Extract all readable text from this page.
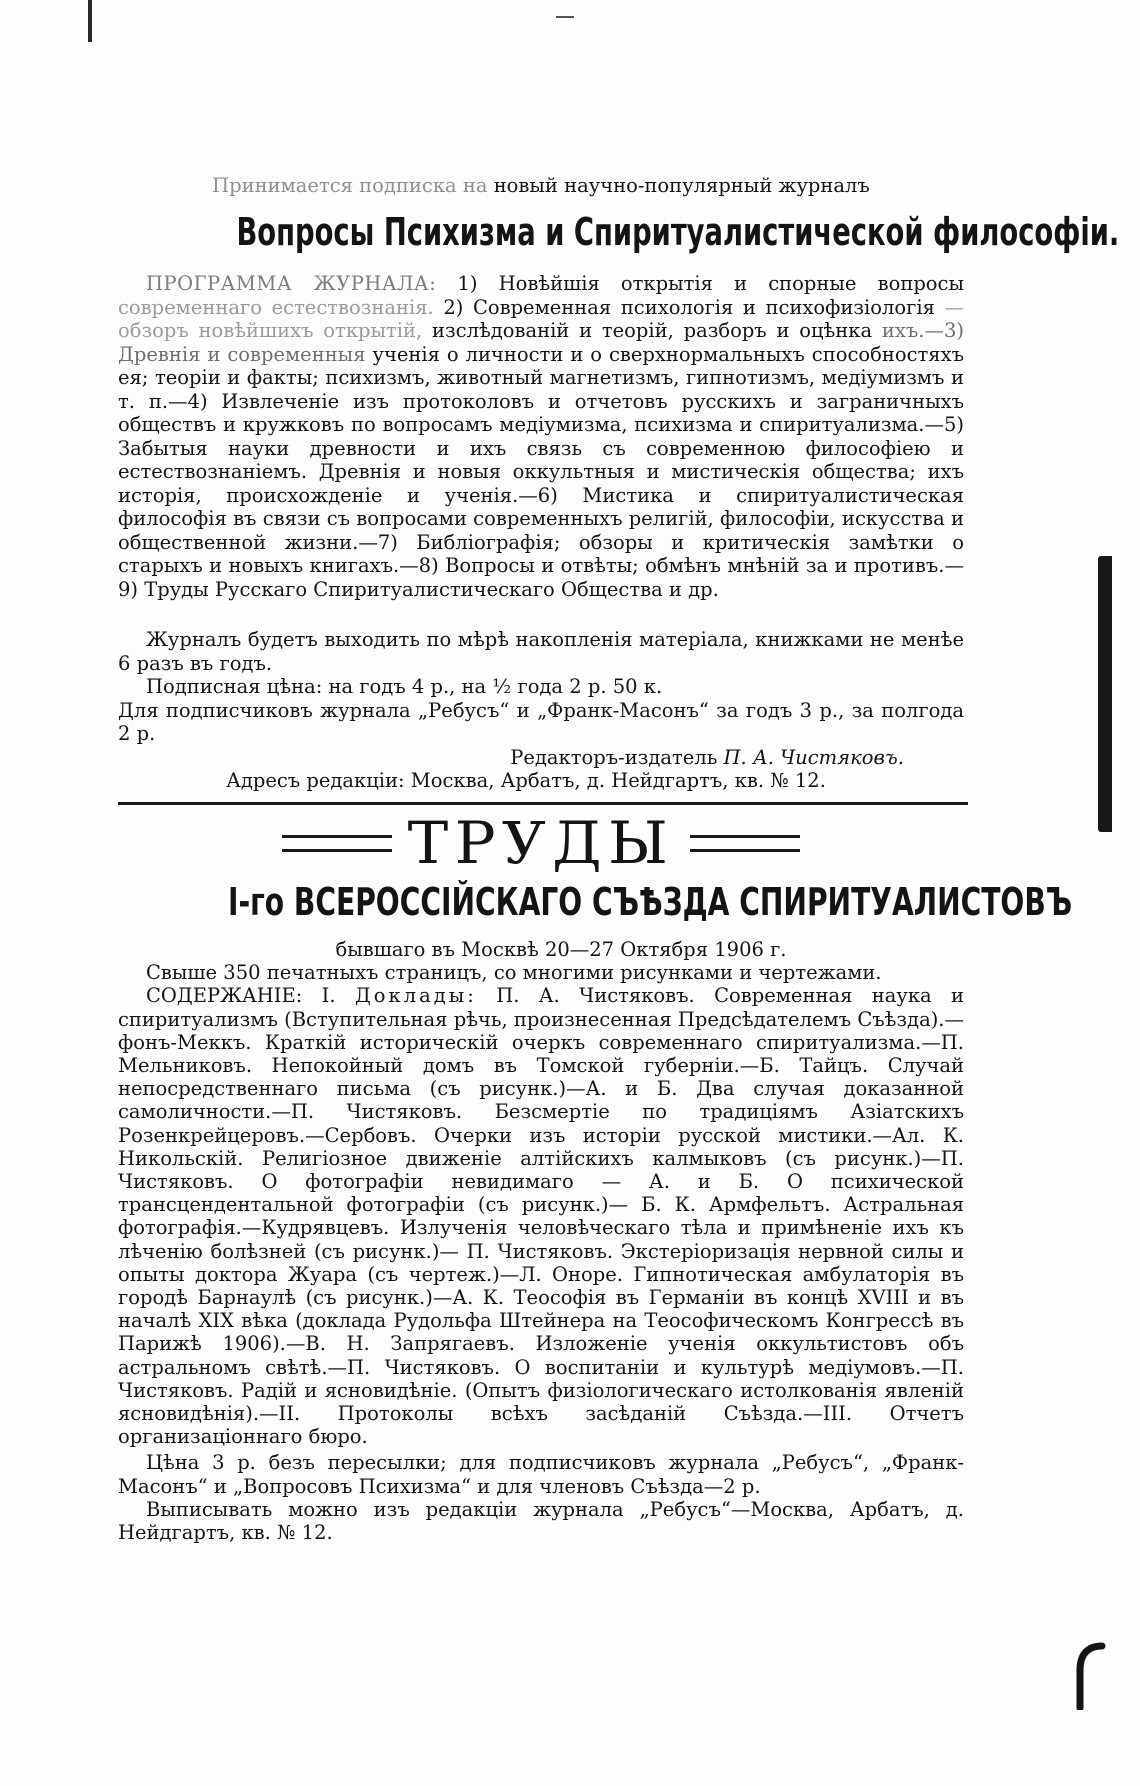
Принимается подписка на новый научно-популярный журналъ

Вопросы Психизма и Спиритуалистической философіи.

ПРОГРАММА ЖУРНАЛА: 1) Новѣйшія открытія и спорные вопросы современнаго естествознанія. 2) Современная психологія и психофизіологія —обзоръ новѣйшихъ открытій, изслѣдованій и теорій, разборъ и оцѣнка ихъ.—3) Древнія и современныя ученія о личности и о сверхнормальныхъ способностяхъ ея; теоріи и факты; психизмъ, животный магнетизмъ, гипнотизмъ, медіумизмъ и т. п.—4) Извлеченіе изъ протоколовъ и отчетовъ русскихъ и заграничныхъ обществъ и кружковъ по вопросамъ медіумизма, психизма и спиритуализма.—5) Забытыя науки древности и ихъ связь съ современною философіею и естествознаніемъ. Древнія и новыя оккультныя и мистическія общества; ихъ исторія, происхожденіе и ученія.—6) Мистика и спиритуалистическая философія въ связи съ вопросами современныхъ религій, философіи, искусства и общественной жизни.—7) Библіографія; обзоры и критическія замѣтки о старыхъ и новыхъ книгахъ.—8) Вопросы и отвѣты; обмѣнъ мнѣній за и противъ.—9) Труды Русскаго Спиритуалистическаго Общества и др.

Журналъ будетъ выходить по мѣрѣ накопленія матеріала, книжками не менѣе 6 разъ въ годъ.

Подписная цѣна: на годъ 4 р., на ½ года 2 р. 50 к.

Для подписчиковъ журнала „Ребусъ“ и „Франк-Масонъ“ за годъ 3 р., за полгода 2 р.

Редакторъ-издатель П. А. Чистяковъ.

Адресъ редакціи: Москва, Арбатъ, д. Нейдгартъ, кв. № 12.

ТРУДЫ

I-го ВСЕРОССІЙСКАГО СЪѢЗДА СПИРИТУАЛИСТОВЪ

бывшаго въ Москвѣ 20—27 Октября 1906 г.

Свыше 350 печатныхъ страницъ, со многими рисунками и чертежами.

СОДЕРЖАНІЕ: I. Доклады: П. А. Чистяковъ. Современная наука и спиритуализмъ (Вступительная рѣчь, произнесенная Предсѣдателемъ Съѣзда).—фонъ-Меккъ. Краткій историческій очеркъ современнаго спиритуализма.—П. Мельниковъ. Непокойный домъ въ Томской губерніи.—Б. Тайцъ. Случай непосредственнаго письма (съ рисунк.)—А. и Б. Два случая доказанной самоличности.—П. Чистяковъ. Безсмертіе по традиціямъ Азіатскихъ Розенкрейцеровъ.—Сербовъ. Очерки изъ исторіи русской мистики.—Ал. К. Никольскій. Религіозное движеніе алтійскихъ калмыковъ (съ рисунк.)—П. Чистяковъ. О фотографіи невидимаго — А. и Б. О психической трансцендентальной фотографіи (съ рисунк.)— Б. К. Армфельтъ. Астральная фотографія.—Кудрявцевъ. Излученія человѣческаго тѣла и примѣненіе ихъ къ лѣченію болѣзней (съ рисунк.)— П. Чистяковъ. Экстеріоризація нервной силы и опыты доктора Жуара (съ чертеж.)—Л. Оноре. Гипнотическая амбулаторія въ городѣ Барнаулѣ (съ рисунк.)—А. К. Теософія въ Германіи въ концѣ XVIII и въ началѣ XIX вѣка (доклада Рудольфа Штейнера на Теософическомъ Конгрессѣ въ Парижѣ 1906).—В. Н. Запрягаевъ. Изложеніе ученія оккультистовъ объ астральномъ свѣтѣ.—П. Чистяковъ. О воспитаніи и культурѣ медіумовъ.—П. Чистяковъ. Радій и ясновидѣніе. (Опытъ физіологическаго истолкованія явленій ясновидѣнія).—II. Протоколы всѣхъ засѣданій Съѣзда.—III. Отчетъ организаціоннаго бюро.

Цѣна 3 р. безъ пересылки; для подписчиковъ журнала „Ребусъ“, „Франк-Масонъ“ и „Вопросовъ Психизма“ и для членовъ Съѣзда—2 р.

Выписывать можно изъ редакціи журнала „Ребусъ“—Москва, Арбатъ, д. Нейдгартъ, кв. № 12.
